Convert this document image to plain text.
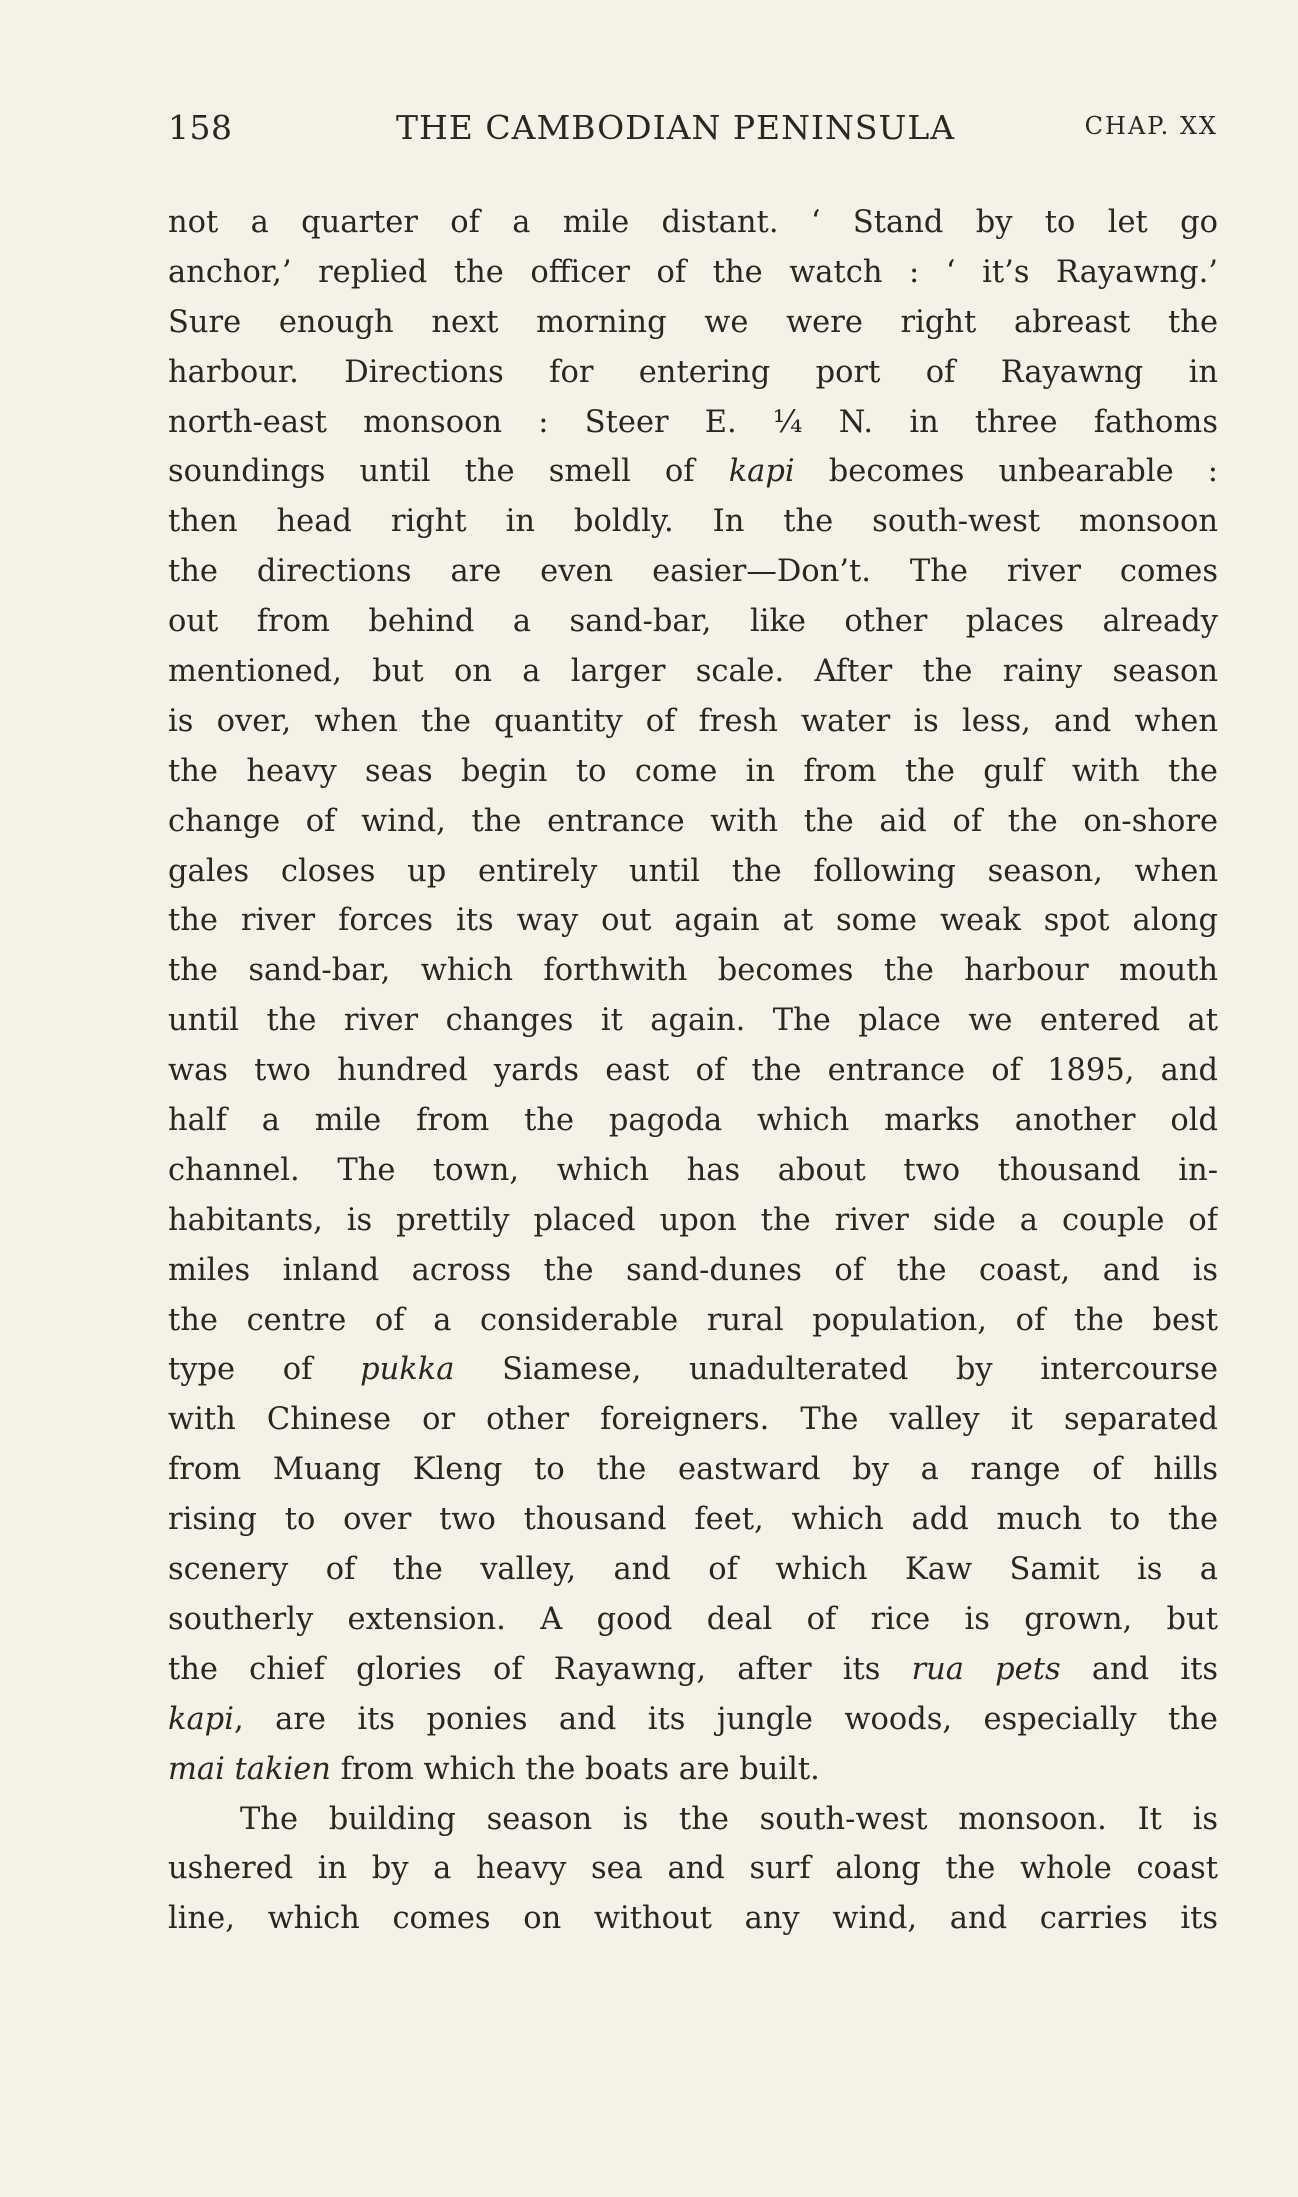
158	THE CAMBODIAN PENINSULA	CHAP. XX
not a quarter of a mile distant. ‘ Stand by to let go
anchor,’ replied the officer of the watch : ‘ it’s Rayawng.’
Sure enough next morning we were right abreast the
harbour. Directions for entering port of Rayawng in
north-east monsoon : Steer E. ¼ N. in three fathoms
soundings until the smell of kapi becomes unbearable :
then head right in boldly. In the south-west monsoon
the directions are even easier—Don’t. The river comes
out from behind a sand-bar, like other places already
mentioned, but on a larger scale. After the rainy season
is over, when the quantity of fresh water is less, and when
the heavy seas begin to come in from the gulf with the
change of wind, the entrance with the aid of the on-shore
gales closes up entirely until the following season, when
the river forces its way out again at some weak spot along
the sand-bar, which forthwith becomes the harbour mouth
until the river changes it again. The place we entered at
was two hundred yards east of the entrance of 1895, and
half a mile from the pagoda which marks another old
channel. The town, which has about two thousand in-
habitants, is prettily placed upon the river side a couple of
miles inland across the sand-dunes of the coast, and is
the centre of a considerable rural population, of the best
type of pukka Siamese, unadulterated by intercourse
with Chinese or other foreigners. The valley it separated
from Muang Kleng to the eastward by a range of hills
rising to over two thousand feet, which add much to the
scenery of the valley, and of which Kaw Samit is a
southerly extension. A good deal of rice is grown, but
the chief glories of Rayawng, after its rua pets and its
kapi, are its ponies and its jungle woods, especially the
mai takien from which the boats are built.
The building season is the south-west monsoon. It is
ushered in by a heavy sea and surf along the whole coast
line, which comes on without any wind, and carries its
